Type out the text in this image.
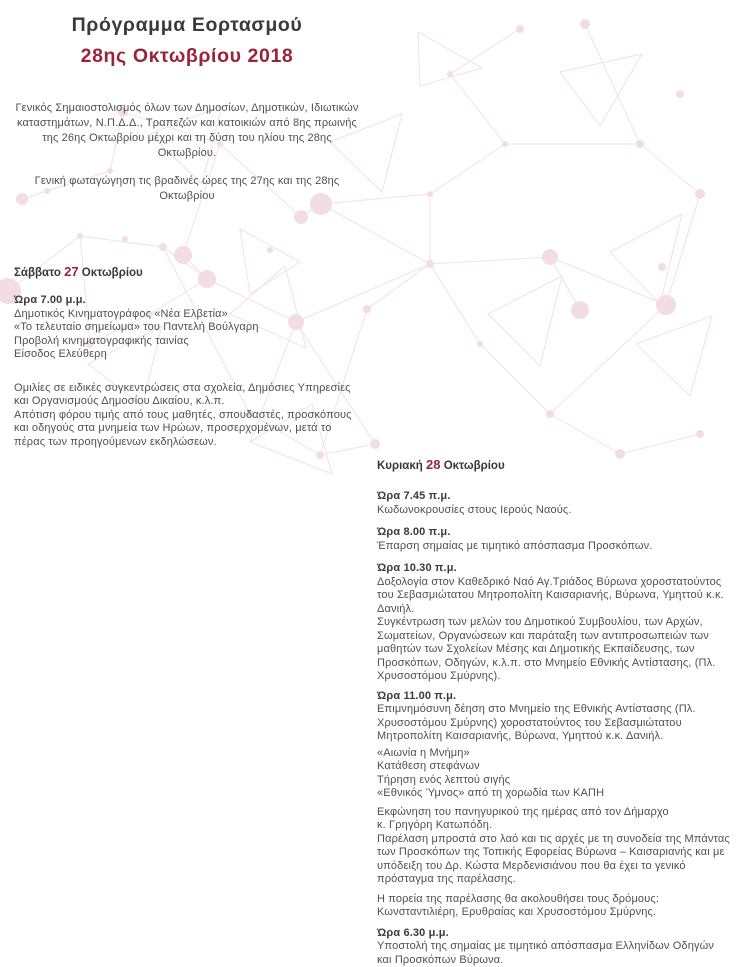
Πρόγραμμα Εορτασμού
28ης Οκτωβρίου 2018

Γενικός Σημαιοστολισμός όλων των Δημοσίων, Δημοτικών, Ιδιωτικών καταστημάτων, Ν.Π.Δ.Δ., Τραπεζών και κατοικιών από 8ης πρωινής της 26ης Οκτωβρίου μέχρι και τη δύση του ηλίου της 28ης Οκτωβρίου.

Γενική φωταγώγηση τις βραδινές ώρες της 27ης και της 28ης Οκτωβρίου

Σάββατο 27 Οκτωβρίου

Ώρα 7.00 μ.μ.

Δημοτικός Κινηματογράφος «Νέα Ελβετία»

«Το τελευταίο σημείωμα» του Παντελή Βούλγαρη

Προβολή κινηματογραφικής ταινίας

Είσοδος Ελεύθερη

Ομιλίες σε ειδικές συγκεντρώσεις στα σχολεία, Δημόσιες Υπηρεσίες και Οργανισμούς Δημοσίου Δικαίου, κ.λ.π.

Απότιση φόρου τιμής από τους μαθητές, σπουδαστές, προσκόπους και οδηγούς στα μνημεία των Ηρώων, προσερχομένων, μετά το πέρας των προηγούμενων εκδηλώσεων.

Κυριακή 28 Οκτωβρίου

Ώρα 7.45 π.μ.

Κωδωνοκρουσίες στους Ιερούς Ναούς.

Ώρα 8.00 π.μ.

Έπαρση σημαίας με τιμητικό απόσπασμα Προσκόπων.

Ώρα 10.30 π.μ.

Δοξολογία στον Καθεδρικό Ναό Αγ.Τριάδος Βύρωνα χοροστατούντος του Σεβασμιώτατου Μητροπολίτη Καισαριανής, Βύρωνα, Υμηττού κ.κ. Δανιήλ.

Συγκέντρωση των μελών του Δημοτικού Συμβουλίου, των Αρχών, Σωματείων, Οργανώσεων και παράταξη των αντιπροσωπειών των μαθητών των Σχολείων Μέσης και Δημοτικής Εκπαίδευσης, των Προσκόπων, Οδηγών, κ.λ.π. στο Μνημείο Εθνικής Αντίστασης, (Πλ. Χρυσοστόμου Σμύρνης).

Ώρα 11.00 π.μ.

Επιμνημόσυνη δέηση στο Μνημείο της Εθνικής Αντίστασης (Πλ. Χρυσοστόμου Σμύρνης) χοροστατούντος του Σεβασμιώτατου Μητροπολίτη Καισαριανής, Βύρωνα, Υμηττού κ.κ. Δανιήλ.

«Αιωνία η Μνήμη»

Κατάθεση στεφάνων

Τήρηση ενός λεπτού σιγής

«Εθνικός Ύμνος» από τη χορωδία των ΚΑΠΗ

Εκφώνηση του πανηγυρικού της ημέρας από τον Δήμαρχο

κ. Γρηγόρη Κατωπόδη.

Παρέλαση μπροστά στο λαό και τις αρχές με τη συνοδεία της Μπάντας των Προσκόπων της Τοπικής Εφορείας Βύρωνα – Καισαριανής και με υπόδειξη του Δρ. Κώστα Μερδενισιάνου που θα έχει το γενικό πρόσταγμα της παρέλασης.

Η πορεία της παρέλασης θα ακολουθήσει τους δρόμους: Κωνσταντιλιέρη, Ερυθραίας και Χρυσοστόμου Σμύρνης.

Ώρα 6.30 μ.μ.

Υποστολή της σημαίας με τιμητικό απόσπασμα Ελληνίδων Οδηγών και Προσκόπων Βύρωνα.
